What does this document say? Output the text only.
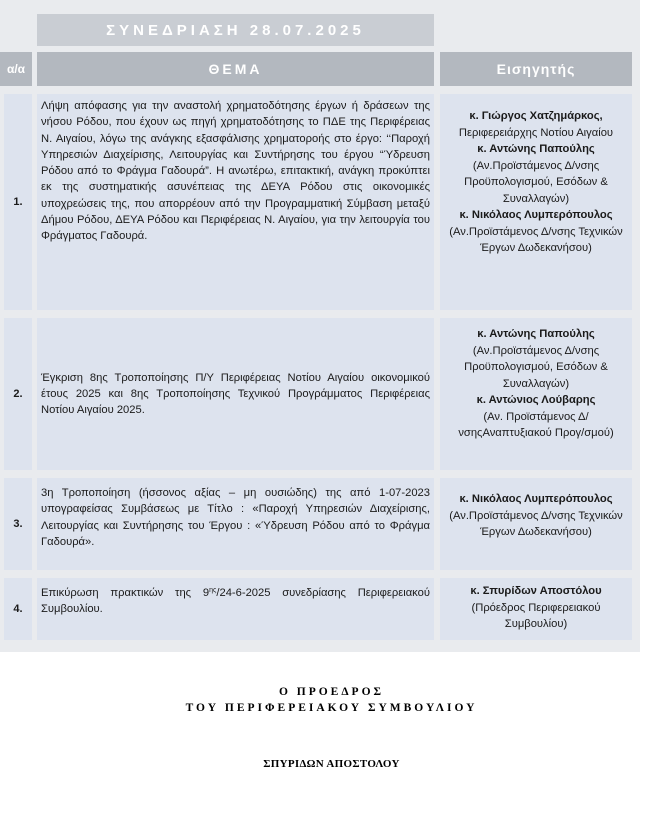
ΣΥΝΕΔΡΙΑΣΗ 28.07.2025
α/α	ΘΕΜΑ	Εισηγητής
1.
Λήψη απόφασης για την αναστολή χρηματοδότησης έργων ή δράσεων της νήσου Ρόδου, που έχουν ως πηγή χρηματοδότησης το ΠΔΕ της Περιφέρειας Ν. Αιγαίου, λόγω της ανάγκης εξασφάλισης χρηματοροής στο έργο: ‘‘Παροχή Υπηρεσιών Διαχείρισης, Λειτουργίας και Συντήρησης του έργου “Ύδρευση Ρόδου από το Φράγμα Γαδουρά”. Η ανωτέρω, επιτακτική, ανάγκη προκύπτει εκ της συστηματικής ασυνέπειας της ΔΕΥΑ Ρόδου στις οικονομικές υποχρεώσεις της, που απορρέουν από την Προγραμματική Σύμβαση μεταξύ Δήμου Ρόδου, ΔΕΥΑ Ρόδου και Περιφέρειας Ν. Αιγαίου, για την λειτουργία του Φράγματος Γαδουρά.
κ. Γιώργος Χατζημάρκος,
Περιφερειάρχης Νοτίου Αιγαίου
κ. Αντώνης Παπούλης
(Αν.Προϊστάμενος Δ/νσης Προϋπολογισμού, Εσόδων & Συναλλαγών)
κ. Νικόλαος Λυμπερόπουλος
(Αν.Προϊστάμενος Δ/νσης Τεχνικών Έργων Δωδεκανήσου)
2.
Έγκριση 8ης Τροποποίησης Π/Υ Περιφέρειας Νοτίου Αιγαίου οικονομικού έτους 2025 και 8ης Τροποποίησης Τεχνικού Προγράμματος Περιφέρειας Νοτίου Αιγαίου 2025.
κ. Αντώνης Παπούλης
(Αν.Προϊστάμενος Δ/νσης Προϋπολογισμού, Εσόδων & Συναλλαγών)
κ. Αντώνιος Λούβαρης
(Αν. Προϊστάμενος Δ/νσηςΑναπτυξιακού Προγ/σμού)
3.
3η Τροποποίηση (ήσσονος αξίας – μη ουσιώδης) της από 1-07-2023 υπογραφείσας Συμβάσεως με Τίτλο : «Παροχή Υπηρεσιών Διαχείρισης, Λειτουργίας και Συντήρησης του Έργου : «Ύδρευση Ρόδου από το Φράγμα Γαδουρά».
κ. Νικόλαος Λυμπερόπουλος
(Αν.Προϊστάμενος Δ/νσης Τεχνικών Έργων Δωδεκανήσου)
4.
Επικύρωση πρακτικών της $9^{\eta\varsigma}/24-6-2025$ συνεδρίασης Περιφερειακού Συμβουλίου.
κ. Σπυρίδων Αποστόλου
(Πρόεδρος Περιφερειακού Συμβουλίου)
Ο ΠΡΟΕΔΡΟΣ
ΤΟΥ ΠΕΡΙΦΕΡΕΙΑΚΟΥ ΣΥΜΒΟΥΛΙΟΥ
ΣΠΥΡΙΔΩΝ ΑΠΟΣΤΟΛΟΥ
